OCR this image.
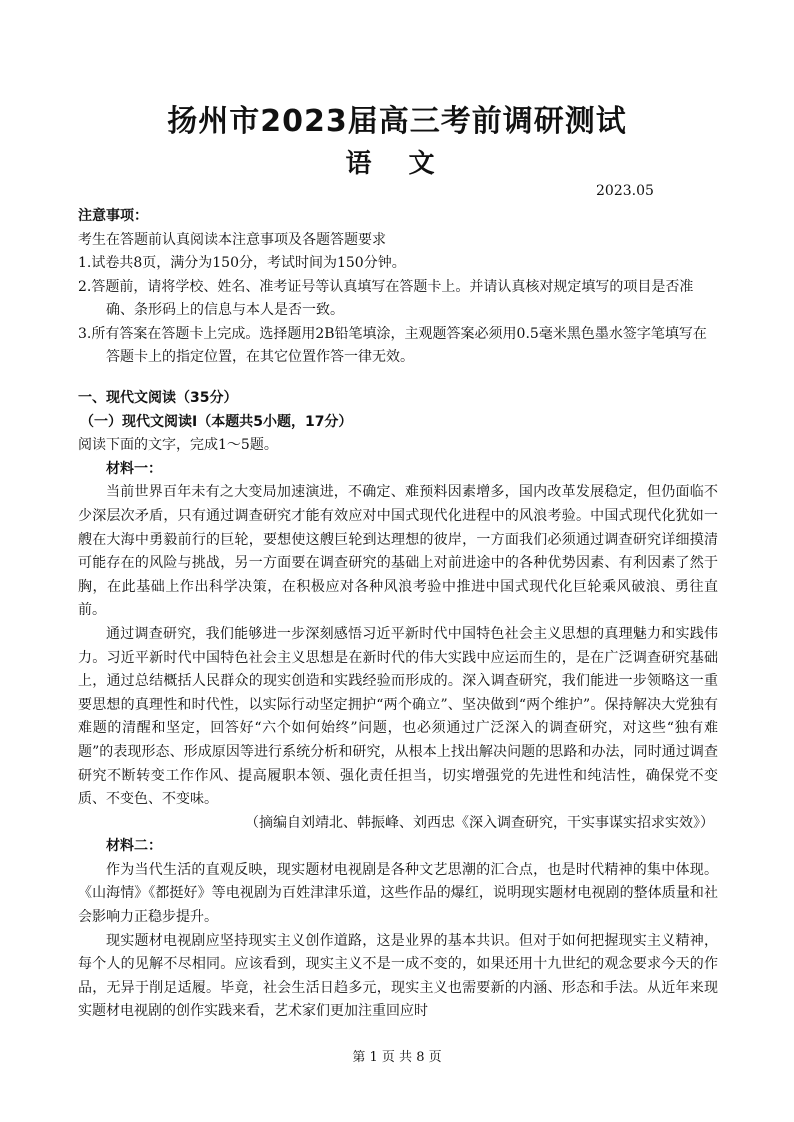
扬州市2023届高三考前调研测试
语 文
2023.05
注意事项：
考生在答题前认真阅读本注意事项及各题答题要求
1.试卷共8页，满分为150分，考试时间为150分钟。
2.答题前，请将学校、姓名、准考证号等认真填写在答题卡上。并请认真核对规定填写的项目是否准确、条形码上的信息与本人是否一致。
3.所有答案在答题卡上完成。选择题用2B铅笔填涂，主观题答案必须用0.5毫米黑色墨水签字笔填写在答题卡上的指定位置，在其它位置作答一律无效。
一、现代文阅读（35分）
（一）现代文阅读Ⅰ（本题共5小题，17分）
阅读下面的文字，完成1～5题。
材料一：

当前世界百年未有之大变局加速演进，不确定、难预料因素增多，国内改革发展稳定，但仍面临不少深层次矛盾，只有通过调查研究才能有效应对中国式现代化进程中的风浪考验。中国式现代化犹如一艘在大海中勇毅前行的巨轮，要想使这艘巨轮到达理想的彼岸，一方面我们必须通过调查研究详细摸清可能存在的风险与挑战，另一方面要在调查研究的基础上对前进途中的各种优势因素、有利因素了然于胸，在此基础上作出科学决策，在积极应对各种风浪考验中推进中国式现代化巨轮乘风破浪、勇往直前。

通过调查研究，我们能够进一步深刻感悟习近平新时代中国特色社会主义思想的真理魅力和实践伟力。习近平新时代中国特色社会主义思想是在新时代的伟大实践中应运而生的，是在广泛调查研究基础上，通过总结概括人民群众的现实创造和实践经验而形成的。深入调查研究，我们能进一步领略这一重要思想的真理性和时代性，以实际行动坚定拥护“两个确立”、坚决做到“两个维护”。保持解决大党独有难题的清醒和坚定，回答好“六个如何始终”问题，也必须通过广泛深入的调查研究，对这些“独有难题”的表现形态、形成原因等进行系统分析和研究，从根本上找出解决问题的思路和办法，同时通过调查研究不断转变工作作风、提高履职本领、强化责任担当，切实增强党的先进性和纯洁性，确保党不变质、不变色、不变味。

（摘编自刘靖北、韩振峰、刘西忠《深入调查研究，干实事谋实招求实效》）
材料二：

作为当代生活的直观反映，现实题材电视剧是各种文艺思潮的汇合点，也是时代精神的集中体现。《山海情》《都挺好》等电视剧为百姓津津乐道，这些作品的爆红，说明现实题材电视剧的整体质量和社会影响力正稳步提升。

现实题材电视剧应坚持现实主义创作道路，这是业界的基本共识。但对于如何把握现实主义精神，每个人的见解不尽相同。应该看到，现实主义不是一成不变的，如果还用十九世纪的观念要求今天的作品，无异于削足适履。毕竟，社会生活日趋多元，现实主义也需要新的内涵、形态和手法。从近年来现实题材电视剧的创作实践来看，艺术家们更加注重回应时

第 1 页 共 8 页
